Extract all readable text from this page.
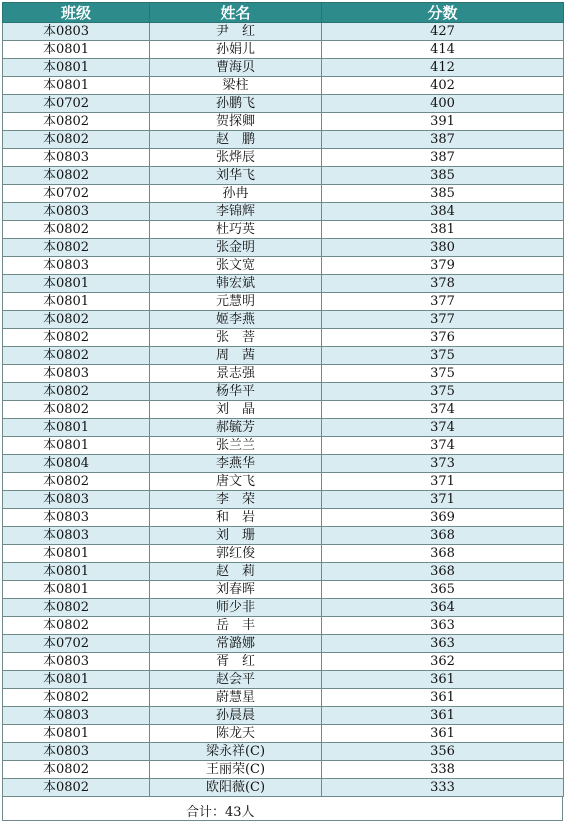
班级	姓名	分数
本0803	尹　红	427
本0801	孙娟儿	414
本0801	曹海贝	412
本0801	梁柱	402
本0702	孙鹏飞	400
本0802	贺探卿	391
本0802	赵　鹏	387
本0803	张烨辰	387
本0802	刘华飞	385
本0702	孙冉	385
本0803	李锦辉	384
本0802	杜巧英	381
本0802	张金明	380
本0803	张文宽	379
本0801	韩宏斌	378
本0801	元慧明	377
本0802	姬李燕	377
本0802	张　菩	376
本0802	周　茜	375
本0803	景志强	375
本0802	杨华平	375
本0802	刘　晶	374
本0801	郝毓芳	374
本0801	张兰兰	374
本0804	李燕华	373
本0802	唐文飞	371
本0803	李　荣	371
本0803	和　岩	369
本0803	刘　珊	368
本0801	郭红俊	368
本0801	赵　莉	368
本0801	刘春晖	365
本0802	师少非	364
本0802	岳　丰	363
本0702	常潞娜	363
本0803	胥　红	362
本0801	赵会平	361
本0802	蔚慧星	361
本0803	孙晨晨	361
本0801	陈龙天	361
本0803	梁永祥(C)	356
本0802	王丽荣(C)	338
本0802	欧阳薇(C)	333
合计：43人
